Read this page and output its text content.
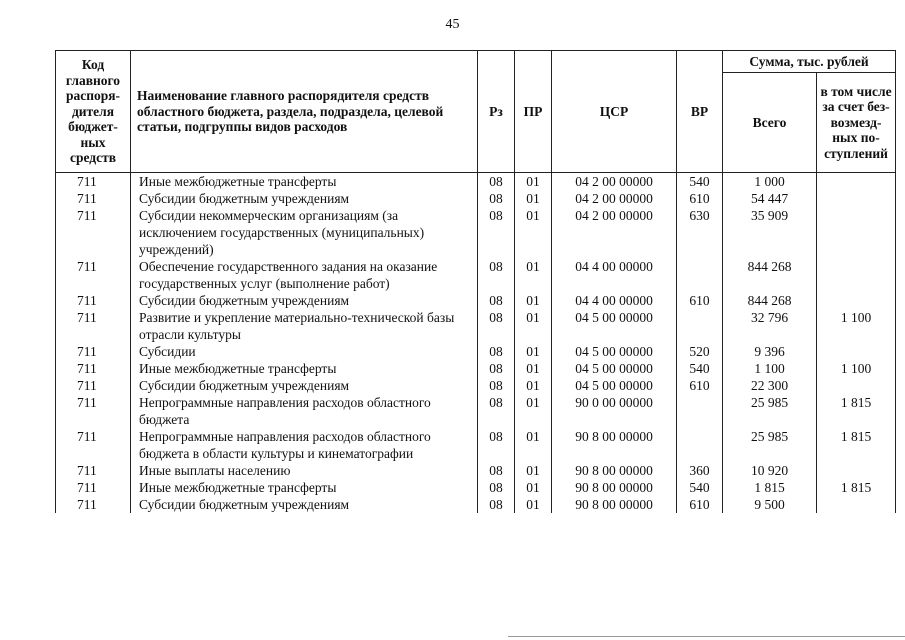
45
Код главного распоря-дителя бюджет-ных средств	Наименование главного распорядителя средств областного бюджета, раздела, подраздела, целевой статьи, подгруппы видов расходов	Рз	ПР	ЦСР	ВР	Сумма, тыс. рублей	
						Всего	в том числе за счет без-возмезд-ных по-ступлений
711	Иные межбюджетные трансферты	08	01	04 2 00 00000	540	1 000	
711	Субсидии бюджетным учреждениям	08	01	04 2 00 00000	610	54 447	
711	Субсидии некоммерческим организациям (за исключением государственных (муниципальных) учреждений)	08	01	04 2 00 00000	630	35 909	
711	Обеспечение государственного задания на оказание государственных услуг (выполнение работ)	08	01	04 4 00 00000		844 268	
711	Субсидии бюджетным учреждениям	08	01	04 4 00 00000	610	844 268	
711	Развитие и укрепление материально-технической базы отрасли культуры	08	01	04 5 00 00000		32 796	1 100
711	Субсидии	08	01	04 5 00 00000	520	9 396	
711	Иные межбюджетные трансферты	08	01	04 5 00 00000	540	1 100	1 100
711	Субсидии бюджетным учреждениям	08	01	04 5 00 00000	610	22 300	
711	Непрограммные направления расходов областного бюджета	08	01	90 0 00 00000		25 985	1 815
711	Непрограммные направления расходов областного бюджета в области культуры и кинематографии	08	01	90 8 00 00000		25 985	1 815
711	Иные выплаты населению	08	01	90 8 00 00000	360	10 920	
711	Иные межбюджетные трансферты	08	01	90 8 00 00000	540	1 815	1 815
711	Субсидии бюджетным учреждениям	08	01	90 8 00 00000	610	9 500	
